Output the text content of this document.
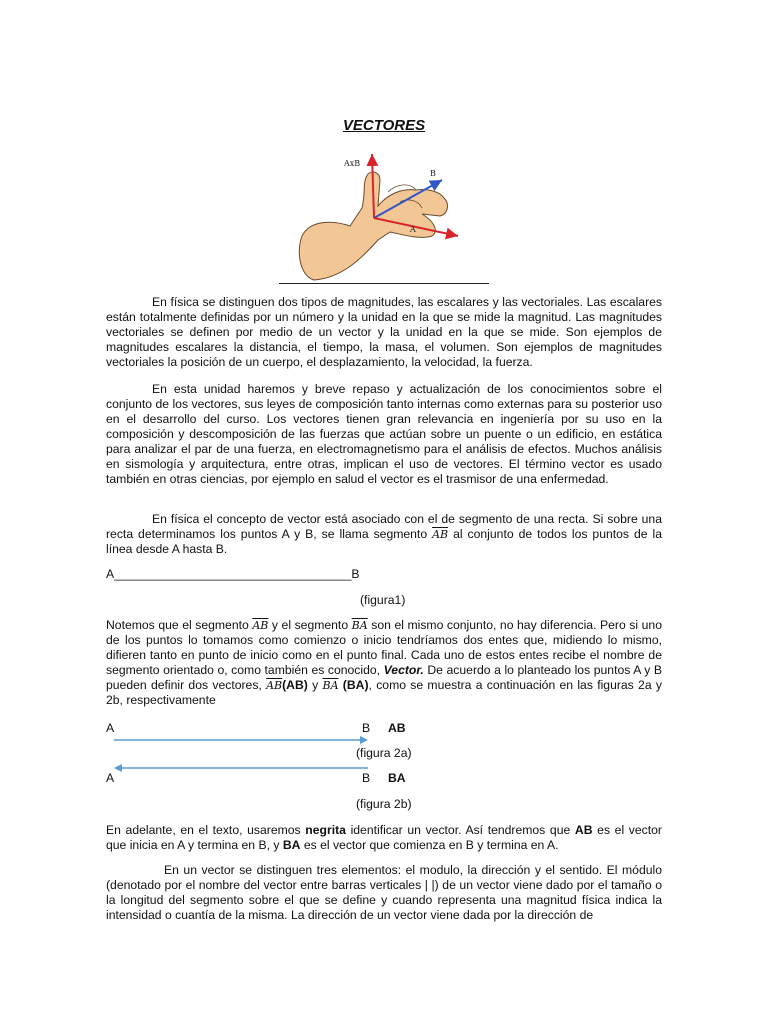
VECTORES
AxB
B
A

En física se distinguen dos tipos de magnitudes, las escalares y las vectoriales. Las escalares están totalmente definidas por un número y la unidad en la que se mide la magnitud. Las magnitudes vectoriales se definen por medio de un vector y la unidad en la que se mide. Son ejemplos de magnitudes escalares la distancia, el tiempo, la masa, el volumen. Son ejemplos de magnitudes vectoriales la posición de un cuerpo, el desplazamiento, la velocidad, la fuerza.

En esta unidad haremos y breve repaso y actualización de los conocimientos sobre el conjunto de los vectores, sus leyes de composición tanto internas como externas para su posterior uso en el desarrollo del curso. Los vectores tienen gran relevancia en ingeniería por su uso en la composición y descomposición de las fuerzas que actúan sobre un puente o un edificio, en estática para analizar el par de una fuerza, en electromagnetismo para el análisis de efectos. Muchos análisis en sismología y arquitectura, entre otras, implican el uso de vectores. El término vector es usado también en otras ciencias, por ejemplo en salud el vector es el trasmisor de una enfermedad.

En física el concepto de vector está asociado con el de segmento de una recta. Si sobre una recta determinamos los puntos A y B, se llama segmento $\overline{AB}$ al conjunto de todos los puntos de la línea desde A hasta B.

A___________________________________B
(figura1)

Notemos que el segmento $\overline{AB}$ y el segmento $\overline{BA}$ son el mismo conjunto, no hay diferencia. Pero si uno de los puntos lo tomamos como comienzo o inicio tendríamos dos entes que, midiendo lo mismo, difieren tanto en punto de inicio como en el punto final. Cada uno de estos entes recibe el nombre de segmento orientado o, como también es conocido, Vector. De acuerdo a lo planteado los puntos A y B pueden definir dos vectores, $\overline{AB}(AB)$ y $\overline{BA}$ (BA), como se muestra a continuación en las figuras 2a y 2b, respectivamente

A	B AB
(figura 2a)
A	B BA
(figura 2b)

En adelante, en el texto, usaremos negrita identificar un vector. Así tendremos que AB es el vector que inicia en A y termina en B, y BA es el vector que comienza en B y termina en A.

En un vector se distinguen tres elementos: el modulo, la dirección y el sentido. El módulo (denotado por el nombre del vector entre barras verticales | |) de un vector viene dado por el tamaño o la longitud del segmento sobre el que se define y cuando representa una magnitud física indica la intensidad o cuantía de la misma. La dirección de un vector viene dada por la dirección de
